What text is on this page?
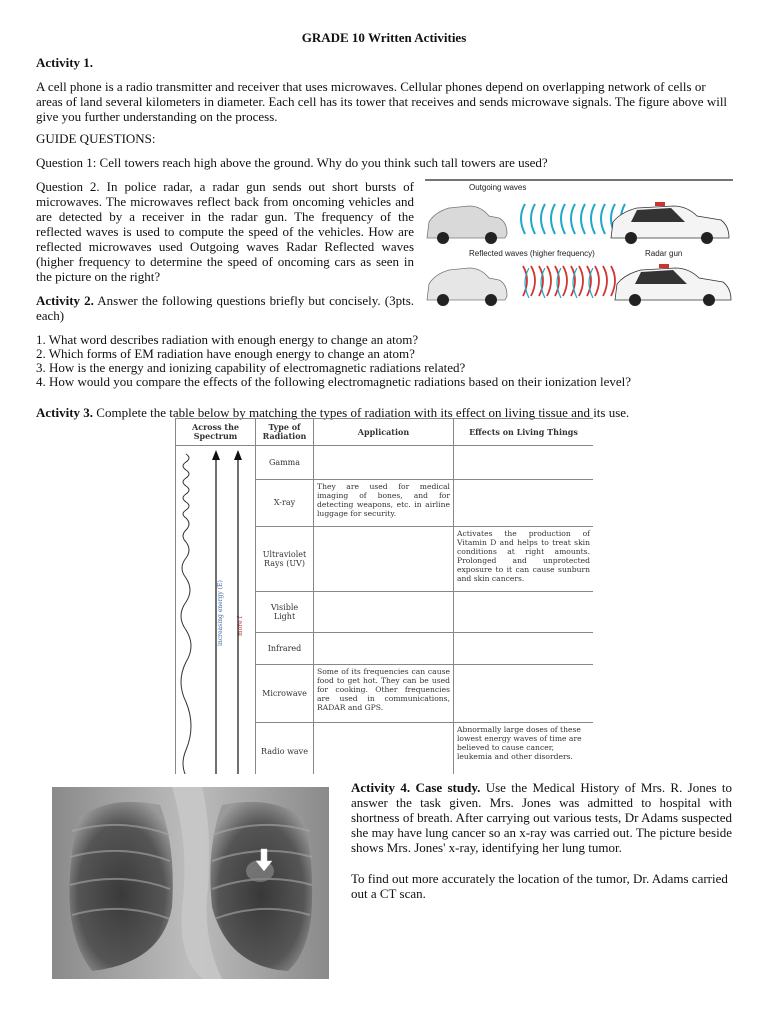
GRADE 10 Written Activities

Activity 1.

A cell phone is a radio transmitter and receiver that uses microwaves. Cellular phones depend on overlapping network of cells or areas of land several kilometers in diameter. Each cell has its tower that receives and sends microwave signals. The figure above will give you further understanding on the process.

GUIDE QUESTIONS:

Question 1: Cell towers reach high above the ground. Why do you think such tall towers are used?

Question 2. In police radar, a radar gun sends out short bursts of microwaves. The microwaves reflect back from oncoming vehicles and are detected by a receiver in the radar gun. The frequency of the reflected waves is used to compute the speed of the vehicles. How are reflected microwaves used Outgoing waves Radar Reflected waves (higher frequency to determine the speed of oncoming cars as seen in the picture on the right?

Outgoing waves
Reflected waves (higher frequency)	Radar gun

Activity 2. Answer the following questions briefly but concisely. (3pts. each)

1. What word describes radiation with enough energy to change an atom?

2. Which forms of EM radiation have enough energy to change an atom?

3. How is the energy and ionizing capability of electromagnetic radiations related?

4. How would you compare the effects of the following electromagnetic radiations based on their ionization level?

Activity 3. Complete the table below by matching the types of radiation with its effect on living tissue and its use.

Across the Spectrum	Type of Radiation	Application	Effects on Living Things

increasing energy (E) more f	Gamma		
	X-ray	They are used for medical imaging of bones, and for detecting weapons, etc. in airline luggage for security.	
	Ultraviolet Rays (UV)		Activates the production of Vitamin D and helps to treat skin conditions at right amounts. Prolonged and unprotected exposure to it can cause sunburn and skin cancers.
	Visible Light		
	Infrared		
	Microwave	Some of its frequencies can cause food to get hot. They can be used for cooking. Other frequencies are used in communications, RADAR and GPS.	
	Radio wave		Abnormally large doses of these lowest energy waves of time are believed to cause cancer, leukemia and other disorders.

Activity 4. Case study. Use the Medical History of Mrs. R. Jones to answer the task given. Mrs. Jones was admitted to hospital with shortness of breath. After carrying out various tests, Dr Adams suspected she may have lung cancer so an x-ray was carried out. The picture beside shows Mrs. Jones' x-ray, identifying her lung tumor.

To find out more accurately the location of the tumor, Dr. Adams carried out a CT scan.
